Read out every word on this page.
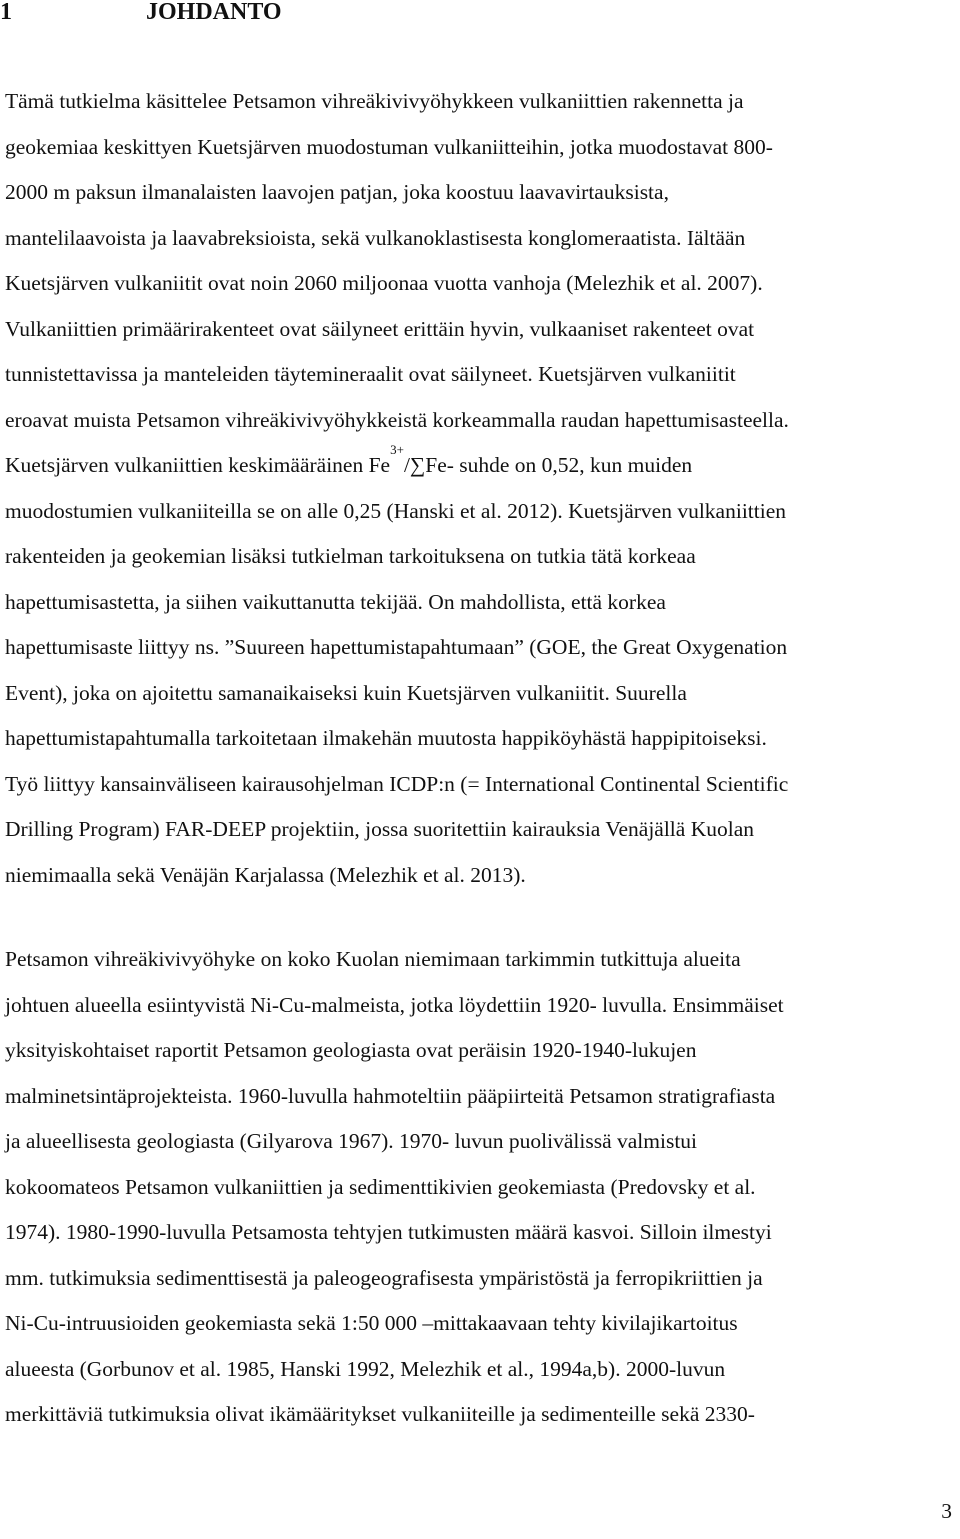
1	JOHDANTO
Tämä tutkielma käsittelee Petsamon vihreäkivivyöhykkeen vulkaniittien rakennetta ja
geokemiaa keskittyen Kuetsjärven muodostuman vulkaniitteihin, jotka muodostavat 800-
2000 m paksun ilmanalaisten laavojen patjan, joka koostuu laavavirtauksista,
mantelilaavoista ja laavabreksioista, sekä vulkanoklastisesta konglomeraatista. Iältään
Kuetsjärven vulkaniitit ovat noin 2060 miljoonaa vuotta vanhoja (Melezhik et al. 2007).
Vulkaniittien primäärirakenteet ovat säilyneet erittäin hyvin, vulkaaniset rakenteet ovat
tunnistettavissa ja manteleiden täytemineraalit ovat säilyneet. Kuetsjärven vulkaniitit
eroavat muista Petsamon vihreäkivivyöhykkeistä korkeammalla raudan hapettumisasteella.
Kuetsjärven vulkaniittien keskimääräinen $Fe^{3+}/\sum Fe-$ suhde on 0,52, kun muiden
muodostumien vulkaniiteilla se on alle 0,25 (Hanski et al. 2012). Kuetsjärven vulkaniittien
rakenteiden ja geokemian lisäksi tutkielman tarkoituksena on tutkia tätä korkeaa
hapettumisastetta, ja siihen vaikuttanutta tekijää. On mahdollista, että korkea
hapettumisaste liittyy ns. ”Suureen hapettumistapahtumaan” (GOE, the Great Oxygenation
Event), joka on ajoitettu samanaikaiseksi kuin Kuetsjärven vulkaniitit. Suurella
hapettumistapahtumalla tarkoitetaan ilmakehän muutosta happiköyhästä happipitoiseksi.
Työ liittyy kansainväliseen kairausohjelman ICDP:n (= International Continental Scientific
Drilling Program) FAR-DEEP projektiin, jossa suoritettiin kairauksia Venäjällä Kuolan
niemimaalla sekä Venäjän Karjalassa (Melezhik et al. 2013).
Petsamon vihreäkivivyöhyke on koko Kuolan niemimaan tarkimmin tutkittuja alueita
johtuen alueella esiintyvistä Ni-Cu-malmeista, jotka löydettiin 1920- luvulla. Ensimmäiset
yksityiskohtaiset raportit Petsamon geologiasta ovat peräisin 1920-1940-lukujen
malminetsintäprojekteista. 1960-luvulla hahmoteltiin pääpiirteitä Petsamon stratigrafiasta
ja alueellisesta geologiasta (Gilyarova 1967). 1970- luvun puolivälissä valmistui
kokoomateos Petsamon vulkaniittien ja sedimenttikivien geokemiasta (Predovsky et al.
1974). 1980-1990-luvulla Petsamosta tehtyjen tutkimusten määrä kasvoi. Silloin ilmestyi
mm. tutkimuksia sedimenttisestä ja paleogeografisesta ympäristöstä ja ferropikriittien ja
Ni-Cu-intruusioiden geokemiasta sekä 1:50 000 –mittakaavaan tehty kivilajikartoitus
alueesta (Gorbunov et al. 1985, Hanski 1992, Melezhik et al., 1994a,b). 2000-luvun
merkittäviä tutkimuksia olivat ikämääritykset vulkaniiteille ja sedimenteille sekä 2330-
3
